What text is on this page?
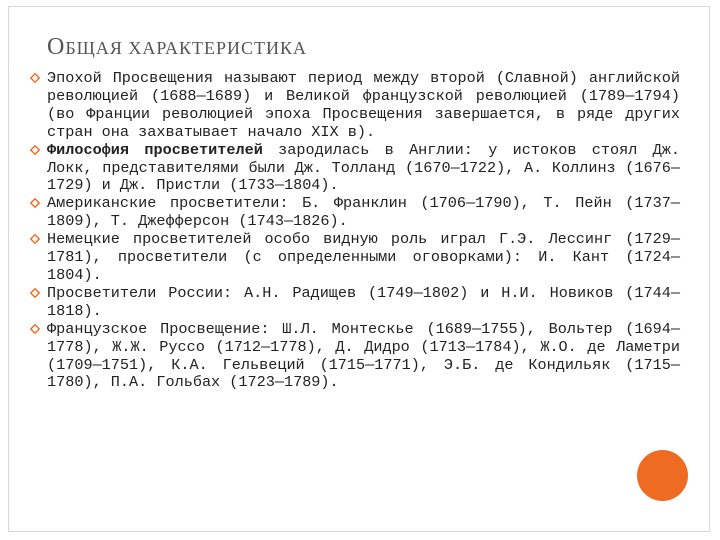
ОБЩАЯ ХАРАКТЕРИСТИКА
Эпохой Просвещения называют период между второй (Славной) английской революцией (1688—1689) и Великой французской революцией (1789—1794) (во Франции революцией эпоха Просвещения завершается, в ряде других стран она захватывает начало XIX в).
Философия просветителей зародилась в Англии: у истоков стоял Дж. Локк, представителями были Дж. Толланд (1670—1722), А. Коллинз (1676—1729) и Дж. Пристли (1733—1804).
Американские просветители: Б. Франклин (1706—1790), Т. Пейн (1737—1809), Т. Джефферсон (1743—1826).
Немецкие просветителей особо видную роль играл Г.Э. Лессинг (1729—1781), просветители (с определенными оговорками): И. Кант (1724—1804).
Просветители России: А.Н. Радищев (1749—1802) и Н.И. Новиков (1744—1818).
Французское Просвещение: Ш.Л. Монтескье (1689—1755), Вольтер (1694—1778), Ж.Ж. Руссо (1712—1778), Д. Дидро (1713—1784), Ж.О. де Ламетри (1709—1751), К.А. Гельвеций (1715—1771), Э.Б. де Кондильяк (1715— 1780), П.А. Гольбах (1723—1789).
